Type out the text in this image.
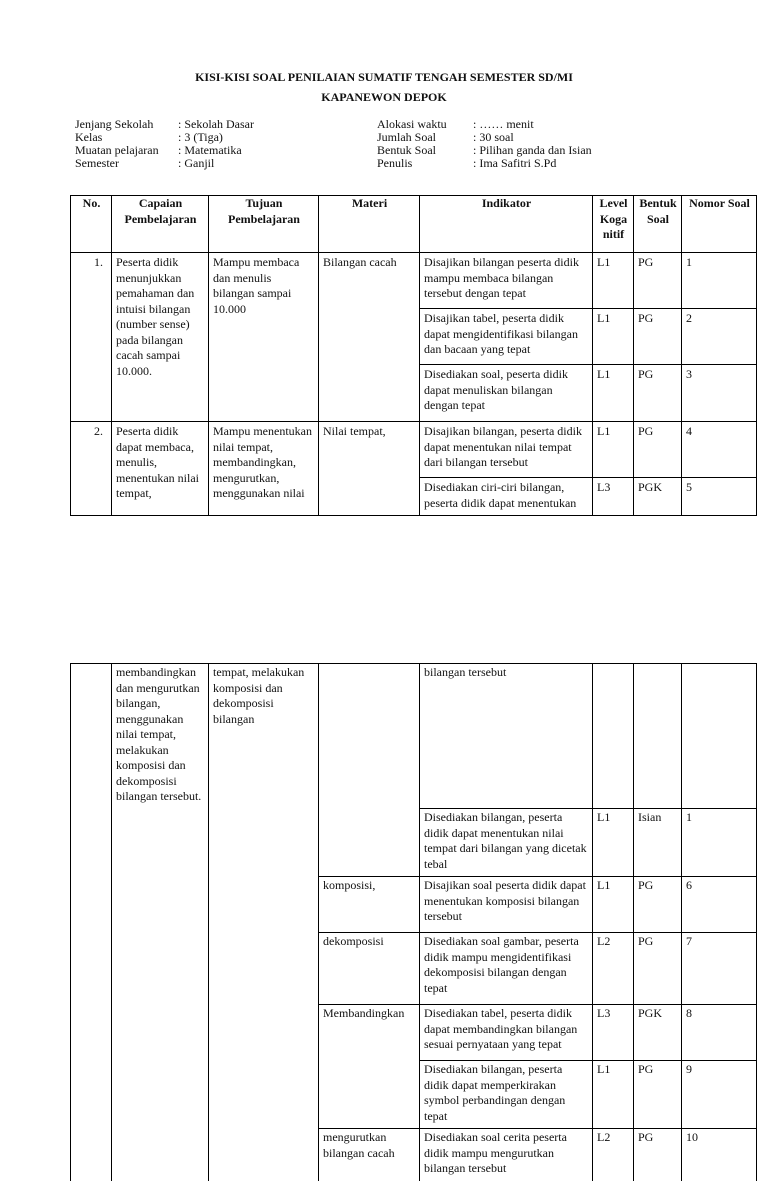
KISI-KISI SOAL PENILAIAN SUMATIF TENGAH SEMESTER SD/MI
KAPANEWON DEPOK
Jenjang Sekolah	: Sekolah Dasar
Kelas	: 3 (Tiga)
Muatan pelajaran	: Matematika
Semester	: Ganjil
Alokasi waktu	: …… menit
Jumlah Soal	: 30 soal
Bentuk Soal	: Pilihan ganda dan Isian
Penulis	: Ima Safitri S.Pd
No.	Capaian Pembelajaran	Tujuan Pembelajaran	Materi	Indikator	Level Koga nitif	Bentuk Soal	Nomor Soal
1.	Peserta didik menunjukkan pemahaman dan intuisi bilangan (number sense) pada bilangan cacah sampai 10.000.	Mampu membaca dan menulis bilangan sampai 10.000	Bilangan cacah	Disajikan bilangan peserta didik mampu membaca bilangan tersebut dengan tepat	L1	PG	1
				Disajikan tabel, peserta didik dapat mengidentifikasi bilangan dan bacaan yang tepat	L1	PG	2
				Disediakan soal, peserta didik dapat menuliskan bilangan dengan tepat	L1	PG	3
2.	Peserta didik dapat membaca, menulis, menentukan nilai tempat,	Mampu menentukan nilai tempat, membandingkan, mengurutkan, menggunakan nilai	Nilai tempat,	Disajikan bilangan, peserta didik dapat menentukan nilai tempat dari bilangan tersebut	L1	PG	4
				Disediakan ciri-ciri bilangan, peserta didik dapat menentukan	L3	PGK	5
	membandingkan dan mengurutkan bilangan, menggunakan nilai tempat, melakukan komposisi dan dekomposisi bilangan tersebut.	tempat, melakukan komposisi dan dekomposisi bilangan		bilangan tersebut			
				Disediakan bilangan, peserta didik dapat menentukan nilai tempat dari bilangan yang dicetak tebal	L1	Isian	1
			komposisi,	Disajikan soal peserta didik dapat menentukan komposisi bilangan tersebut	L1	PG	6
			dekomposisi	Disediakan soal gambar, peserta didik mampu mengidentifikasi dekomposisi bilangan dengan tepat	L2	PG	7
			Membandingkan	Disediakan tabel, peserta didik dapat membandingkan bilangan sesuai pernyataan yang tepat	L3	PGK	8
				Disediakan bilangan, peserta didik dapat memperkirakan symbol perbandingan dengan tepat	L1	PG	9
			mengurutkan bilangan cacah	Disediakan soal cerita peserta didik mampu mengurutkan bilangan tersebut	L2	PG	10
